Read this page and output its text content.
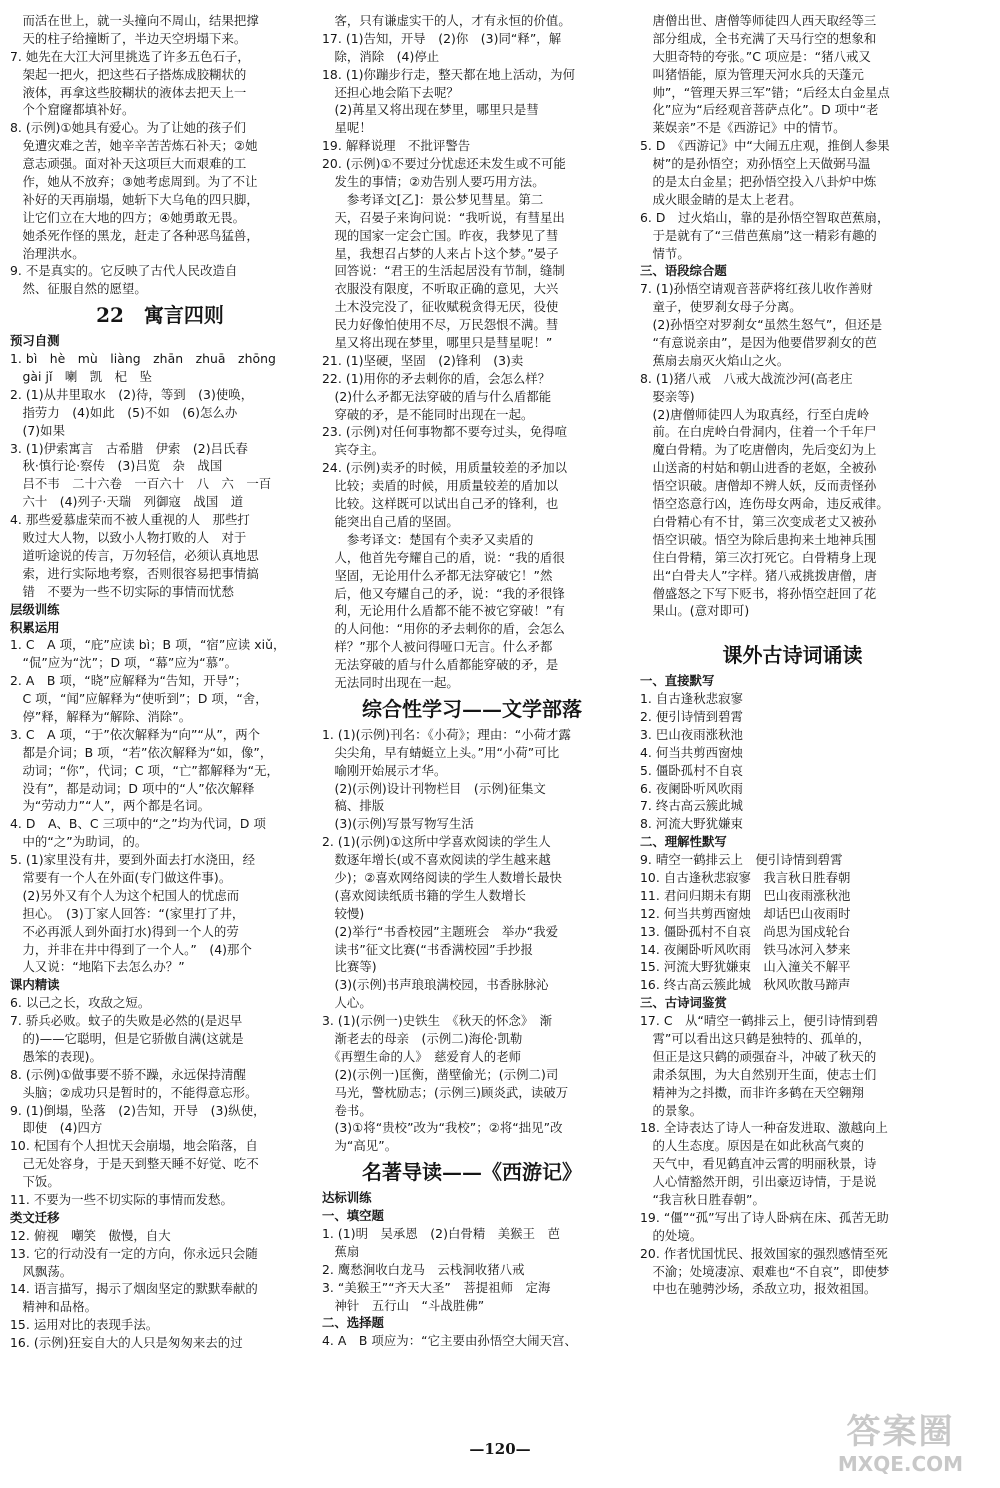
　而活在世上，就一头撞向不周山，结果把撑
　天的柱子给撞断了，半边天空坍塌下来。
7. 她先在大江大河里挑选了许多五色石子，
　架起一把火，把这些石子搭炼成胶糊状的
　液体，再拿这些胶糊状的液体去把天上一
　个个窟窿都填补好。
8. (示例)①她具有爱心。为了让她的孩子们
　免遭灾难之苦，她辛辛苦苦炼石补天；②她
　意志顽强。面对补天这项巨大而艰难的工
　作，她从不放弃；③她考虑周到。为了不让
　补好的天再崩塌，她斩下大乌龟的四只脚，
　让它们立在大地的四方；④她勇敢无畏。
　她杀死作怪的黑龙，赶走了各种恶鸟猛兽，
　治理洪水。
9. 不是真实的。它反映了古代人民改造自
　然、征服自然的愿望。
22　寓言四则
预习自测
1. bì　hè　mù　liàng　zhān　zhuā　zhōng
　gài jǐ　喇　凯　杞　坠
2. (1)从井里取水　(2)待，等到　(3)使唤，
　指劳力　(4)如此　(5)不如　(6)怎么办
　(7)如果
3. (1)伊索寓言　古希腊　伊索　(2)吕氏春
　秋·慎行论·察传　(3)吕览　杂　战国
　吕不韦　二十六卷　一百六十　八　六　一百
　六十　(4)列子·天瑞　列御寇　战国　道
4. 那些爱慕虚荣而不被人重视的人　那些打
　败过大人物，以致小人物打败的人　对于
　道听途说的传言，万勿轻信，必须认真地思
　索，进行实际地考察，否则很容易把事情搞
　错　不要为一些不切实际的事情而忧愁
层级训练
积累运用
1. C　A 项，“庇”应读 bì；B 项，“宿”应读 xiǔ，
　“侃”应为“沈”；D 项，“幕”应为“慕”。
2. A　B 项，“晓”应解释为“告知，开导”；
　C 项，“闻”应解释为“使听到”；D 项，“舍，
　停”释，解释为“解除、消除”。
3. C　A 项，“于”依次解释为“向”“从”，两个
　都是介词；B 项，“若”依次解释为“如，像”，
　动词；“你”，代词；C 项，“亡”都解释为“无，
　没有”，都是动词；D 项中的“人”依次解释
　为“劳动力”“人”，两个都是名词。
4. D　A、B、C 三项中的“之”均为代词，D 项
　中的“之”为助词，的。
5. (1)家里没有井，要到外面去打水浇田，经
　常要有一个人在外面(专门做这件事)。
　(2)另外又有个人为这个杞国人的忧虑而
　担心。　(3)丁家人回答：“(家里打了井，
　不必再派人到外面打水)得到一个人的劳
　力，并非在井中得到了一个人。”　(4)那个
　人又说：“地陷下去怎么办？”
课内精读
6. 以己之长，攻敌之短。
7. 骄兵必败。蚊子的失败是必然的(是迟早
　的)——它聪明，但是它骄傲自满(这就是
　愚笨的表现)。
8. (示例)①做事要不骄不躁，永远保持清醒
　头脑；②成功只是暂时的，不能得意忘形。
9. (1)倒塌，坠落　(2)告知，开导　(3)纵使，
　即使　(4)四方
10. 杞国有个人担忧天会崩塌，地会陷落，自
　己无处容身，于是天到整天睡不好觉、吃不
　下饭。
11. 不要为一些不切实际的事情而发愁。
类文迁移
12. 俯视　嘲笑　傲慢，自大
13. 它的行动没有一定的方向，你永远只会随
　风飘荡。
14. 语言描写，揭示了烟囱坚定的默默奉献的
　精神和品格。
15. 运用对比的表现手法。
16. (示例)狂妄自大的人只是匆匆来去的过
　客，只有谦虚实干的人，才有永恒的价值。
17. (1)告知，开导　(2)你　(3)同“释”，解
　除，消除　(4)停止
18. (1)你蹦步行走，整天都在地上活动，为何
　还担心地会陷下去呢？
　(2)苒星又将出现在梦里，哪里只是彗
　星呢！
19. 解释说理　不批评警告
20. (示例)①不要过分忧虑还未发生或不可能
　发生的事情；②劝告别人要巧用方法。
　　参考译文[乙]：景公梦见彗星。第二
　天，召晏子来询问说：“我听说，有彗星出
　现的国家一定会亡国。昨夜，我梦见了彗
　星，我想召占梦的人来占卜这个梦。”晏子
　回答说：“君王的生活起居没有节制，缝制
　衣服没有限度，不听取正确的意见，大兴
　土木没完没了，征收赋税贪得无厌，役使
　民力好像怕使用不尽，万民怨恨不满。彗
　星又将出现在梦里，哪里只是彗星呢！”
21. (1)坚硬，坚固　(2)锋利　(3)卖
22. (1)用你的矛去刺你的盾，会怎么样？
　(2)什么矛都无法穿破的盾与什么盾都能
　穿破的矛，是不能同时出现在一起。
23. (示例)对任何事物都不要夸过头，免得喧
　宾夺主。
24. (示例)卖矛的时候，用质量较差的矛加以
　比较；卖盾的时候，用质量较差的盾加以
　比较。这样既可以试出自己矛的锋利，也
　能突出自己盾的坚固。
　　参考译文：楚国有个卖矛又卖盾的
　人，他首先夸耀自己的盾，说：“我的盾很
　坚固，无论用什么矛都无法穿破它！”然
　后，他又夸耀自己的矛，说：“我的矛很锋
　利，无论用什么盾都不能不被它穿破！”有
　的人问他：“用你的矛去刺你的盾，会怎么
　样？”那个人被问得哑口无言。什么矛都
　无法穿破的盾与什么盾都能穿破的矛，是
　无法同时出现在一起。
综合性学习——文学部落
1. (1)(示例)刊名：《小荷》；理由：“小荷才露
　尖尖角，早有蜻蜓立上头。”用“小荷”可比
　喻刚开始展示才华。
　(2)(示例)设计刊物栏目　(示例)征集文
　稿、排版
　(3)(示例)写景写物写生活
2. (1)(示例)①这所中学喜欢阅读的学生人
　数逐年增长(或不喜欢阅读的学生越来越
　少)；②喜欢网络阅读的学生人数增长最快
　(喜欢阅读纸质书籍的学生人数增长
　较慢)
　(2)举行“书香校园”主题班会　举办“我爱
　读书”征文比赛(“书香满校园”手抄报
　比赛等)
　(3)(示例)书声琅琅满校园，书香脉脉沁
　人心。
3. (1)(示例一)史铁生　《秋天的怀念》　渐
　渐老去的母亲　(示例二)海伦·凯勒
　《再塑生命的人》　慈爱育人的老师
　(2)(示例一)匡衡，凿壁偷光；(示例二)司
　马光，警枕励志；(示例三)顾炎武，读破万
　卷书。
　(3)①将“贵校”改为“我校”；②将“拙见”改
　为“高见”。
名著导读——《西游记》
达标训练
一、填空题
1. (1)明　吴承恩　(2)白骨精　美猴王　芭
　蕉扇
2. 鹰愁涧收白龙马　云栈洞收猪八戒
3. “美猴王”“齐天大圣”　菩提祖师　定海
　神针　五行山　“斗战胜佛”
二、选择题
4. A　B 项应为：“它主要由孙悟空大闹天宫、
　唐僧出世、唐僧等师徒四人西天取经等三
　部分组成，全书充满了天马行空的想象和
　大胆奇特的夸张。”C 项应是：“猪八戒又
　叫猪悟能，原为管理天河水兵的天蓬元
　帅”，“管理天界三军”错；“后经太白金星点
　化”应为“后经观音菩萨点化”。D 项中“老
　莱娱亲”不是《西游记》中的情节。
5. D　《西游记》中“大闹五庄观，推倒人参果
　树”的是孙悟空；劝孙悟空上天做弼马温
　的是太白金星；把孙悟空投入八卦炉中炼
　成火眼金睛的是太上老君。
6. D　过火焰山，靠的是孙悟空智取芭蕉扇，
　于是就有了“三借芭蕉扇”这一精彩有趣的
　情节。
三、语段综合题
7. (1)孙悟空请观音菩萨将红孩儿收作善财
　童子，使罗刹女母子分离。
　(2)孙悟空对罗刹女“虽然生怒气”，但还是
　“有意说亲由”，是因为他要借罗刹女的芭
　蕉扇去扇灭火焰山之火。
8. (1)猪八戒　八戒大战流沙河(高老庄
　娶亲等)
　(2)唐僧师徒四人为取真经，行至白虎岭
　前。在白虎岭白骨洞内，住着一个千年尸
　魔白骨精。为了吃唐僧肉，先后变幻为上
　山送斋的村姑和朝山进香的老妪，全被孙
　悟空识破。唐僧却不辨人妖，反而责怪孙
　悟空恣意行凶，连伤母女两命，违反戒律。
　白骨精心有不甘，第三次变成老丈又被孙
　悟空识破。悟空为除后患拘来土地神兵围
　住白骨精，第三次打死它。白骨精身上现
　出“白骨夫人”字样。猪八戒挑拨唐僧，唐
　僧盛怒之下写下贬书，将孙悟空赶回了花
　果山。(意对即可)
课外古诗词诵读
一、直接默写
1. 自古逢秋悲寂寥
2. 便引诗情到碧霄
3. 巴山夜雨涨秋池
4. 何当共剪西窗烛
5. 僵卧孤村不自哀
6. 夜阑卧听风吹雨
7. 终古高云簇此城
8. 河流大野犹嫌束
二、理解性默写
9. 晴空一鹤排云上　便引诗情到碧霄
10. 自古逢秋悲寂寥　我言秋日胜春朝
11. 君问归期未有期　巴山夜雨涨秋池
12. 何当共剪西窗烛　却话巴山夜雨时
13. 僵卧孤村不自哀　尚思为国戍轮台
14. 夜阑卧听风吹雨　铁马冰河入梦来
15. 河流大野犹嫌束　山入潼关不解平
16. 终古高云簇此城　秋风吹散马蹄声
三、古诗词鉴赏
17. C　从“晴空一鹤排云上，便引诗情到碧
　霄”可以看出这只鹤是独特的、孤单的，
　但正是这只鹤的顽强奋斗，冲破了秋天的
　肃杀氛围，为大自然别开生面，使志士们
　精神为之抖擞，而非许多鹤在天空翱翔
　的景象。
18. 全诗表达了诗人一种奋发进取、激越向上
　的人生态度。原因是在如此秋高气爽的
　天气中，看见鹤直冲云霄的明丽秋景，诗
　人心情豁然开朗，引出豪迈诗情，于是说
　“我言秋日胜春朝”。
19. “僵”“孤”写出了诗人卧病在床、孤苦无助
　的处境。
20. 作者忧国忧民、报效国家的强烈感情至死
　不渝；处境凄凉、艰难也“不自哀”，即使梦
　中也在驰骋沙场，杀敌立功，报效祖国。
—120—	答案圈
MXQE.COM
